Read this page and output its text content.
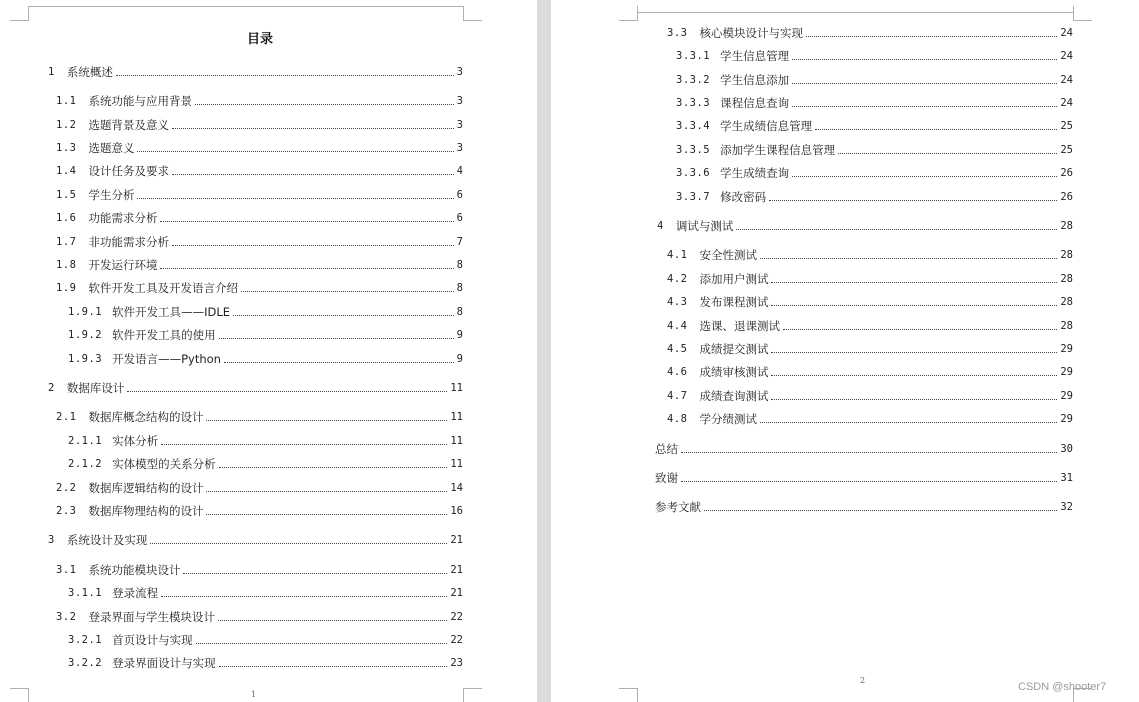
目录
1 系统概述	3
1.1 系统功能与应用背景	3
1.2 选题背景及意义	3
1.3 选题意义	3
1.4 设计任务及要求	4
1.5 学生分析	6
1.6 功能需求分析	6
1.7 非功能需求分析	7
1.8 开发运行环境	8
1.9 软件开发工具及开发语言介绍	8
1.9.1 软件开发工具——IDLE	8
1.9.2 软件开发工具的使用	9
1.9.3 开发语言——Python	9
2 数据库设计	11
2.1 数据库概念结构的设计	11
2.1.1 实体分析	11
2.1.2 实体模型的关系分析	11
2.2 数据库逻辑结构的设计	14
2.3 数据库物理结构的设计	16
3 系统设计及实现	21
3.1 系统功能模块设计	21
3.1.1 登录流程	21
3.2 登录界面与学生模块设计	22
3.2.1 首页设计与实现	22
3.2.2 登录界面设计与实现	23
1
3.3 核心模块设计与实现	24
3.3.1 学生信息管理	24
3.3.2 学生信息添加	24
3.3.3 课程信息查询	24
3.3.4 学生成绩信息管理	25
3.3.5 添加学生课程信息管理	25
3.3.6 学生成绩查询	26
3.3.7 修改密码	26
4 调试与测试	28
4.1 安全性测试	28
4.2 添加用户测试	28
4.3 发布课程测试	28
4.4 选课、退课测试	28
4.5 成绩提交测试	29
4.6 成绩审核测试	29
4.7 成绩查询测试	29
4.8 学分绩测试	29
总结	30
致谢	31
参考文献	32
2
CSDN @shooter7
